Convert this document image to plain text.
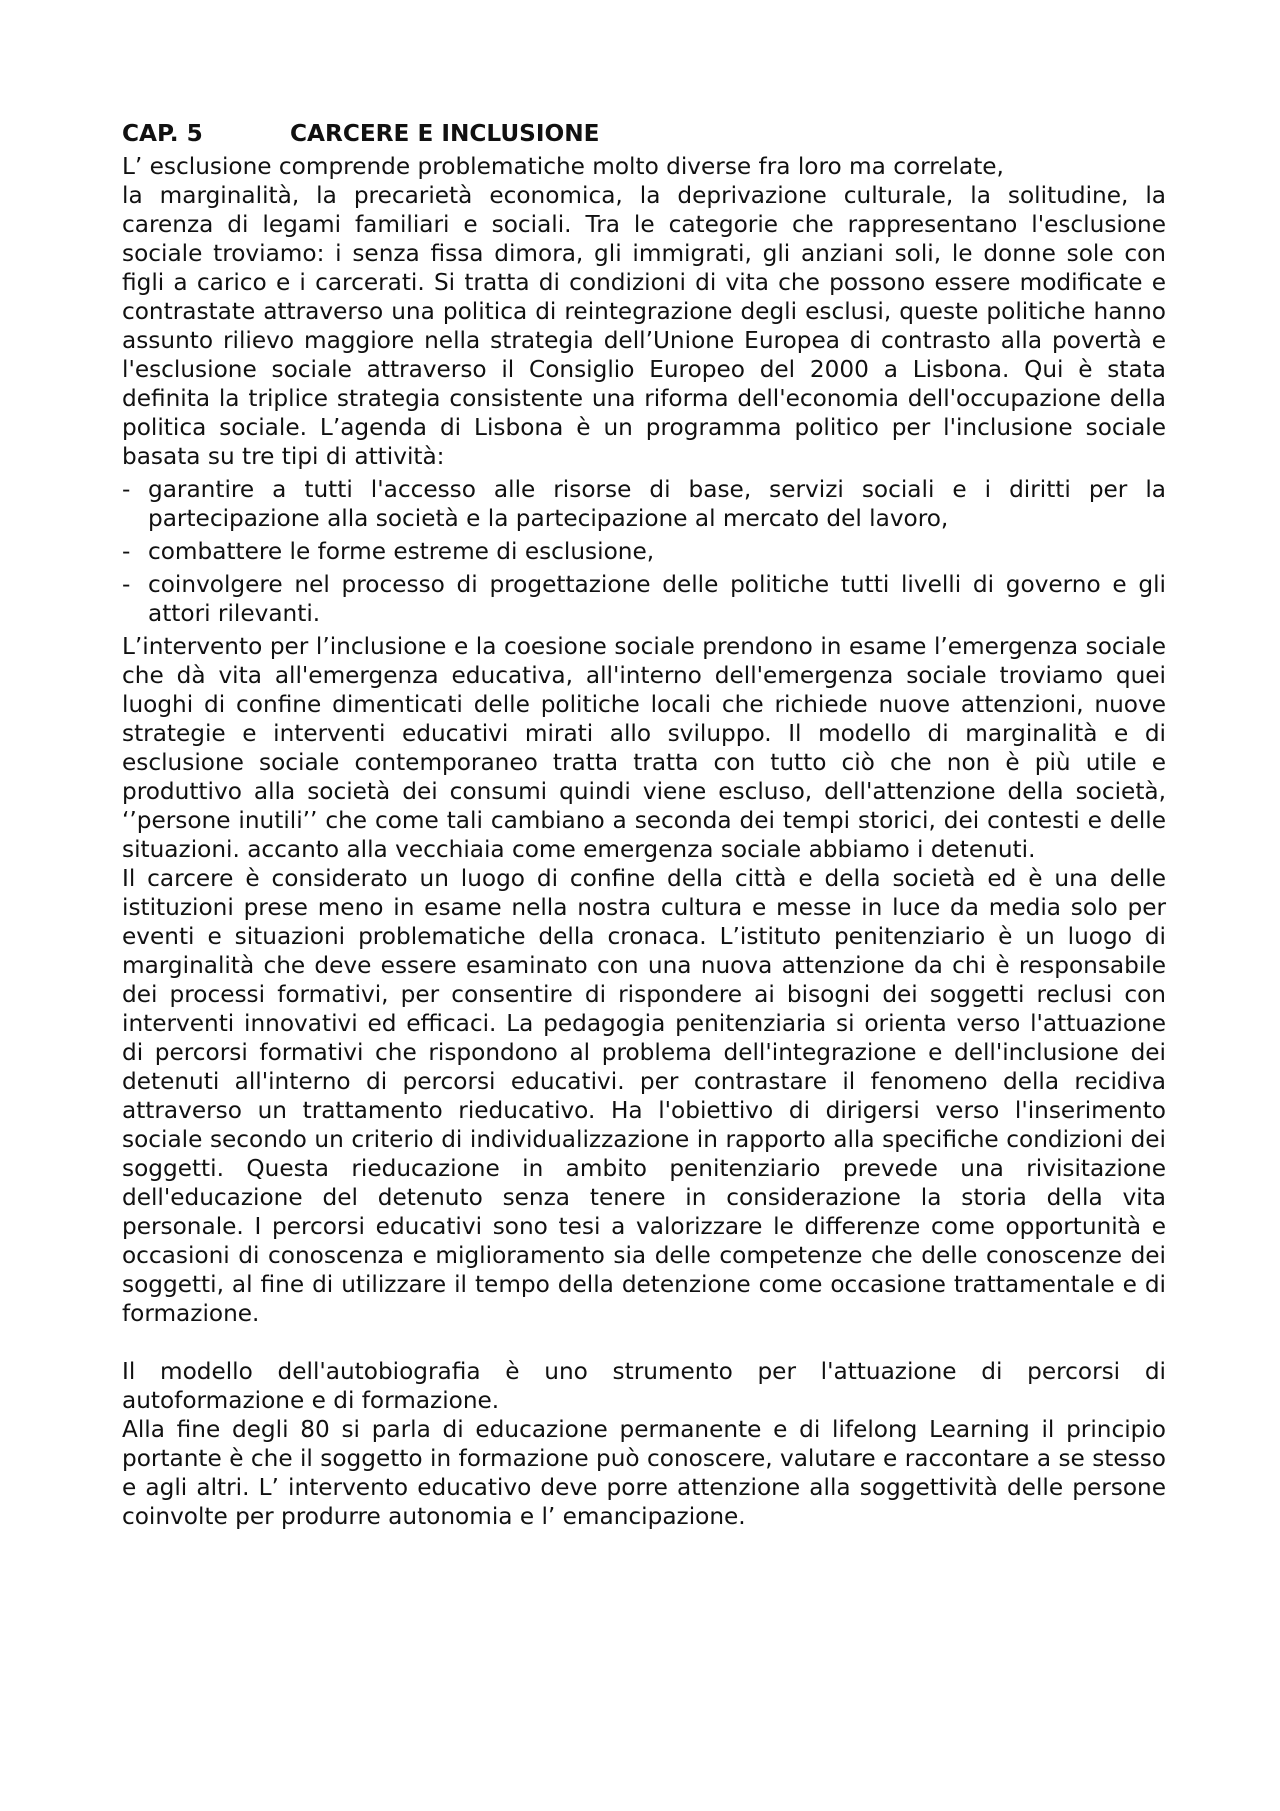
CAP. 5	CARCERE E INCLUSIONE

L’ esclusione comprende problematiche molto diverse fra loro ma correlate,
la marginalità, la precarietà economica, la deprivazione culturale, la solitudine, la carenza di legami familiari e sociali. Tra le categorie che rappresentano l'esclusione sociale troviamo: i senza fissa dimora, gli immigrati, gli anziani soli, le donne sole con figli a carico e i carcerati. Si tratta di condizioni di vita che possono essere modificate e contrastate attraverso una politica di reintegrazione degli esclusi, queste politiche hanno assunto rilievo maggiore nella strategia dell’Unione Europea di contrasto alla povertà e l'esclusione sociale attraverso il Consiglio Europeo del 2000 a Lisbona. Qui è stata definita la triplice strategia consistente una riforma dell'economia dell'occupazione della politica sociale. L’agenda di Lisbona è un programma politico per l'inclusione sociale basata su tre tipi di attività:

- garantire a tutti l'accesso alle risorse di base, servizi sociali e i diritti per la partecipazione alla società e la partecipazione al mercato del lavoro,
- combattere le forme estreme di esclusione,
- coinvolgere nel processo di progettazione delle politiche tutti livelli di governo e gli attori rilevanti.

L’intervento per l’inclusione e la coesione sociale prendono in esame l’emergenza sociale che dà vita all'emergenza educativa, all'interno dell'emergenza sociale troviamo quei luoghi di confine dimenticati delle politiche locali che richiede nuove attenzioni, nuove strategie e interventi educativi mirati allo sviluppo. Il modello di marginalità e di esclusione sociale contemporaneo tratta tratta con tutto ciò che non è più utile e produttivo alla società dei consumi quindi viene escluso, dell'attenzione della società, ‘’persone inutili’’ che come tali cambiano a seconda dei tempi storici, dei contesti e delle situazioni. accanto alla vecchiaia come emergenza sociale abbiamo i detenuti.

Il carcere è considerato un luogo di confine della città e della società ed è una delle istituzioni prese meno in esame nella nostra cultura e messe in luce da media solo per eventi e situazioni problematiche della cronaca. L’istituto penitenziario è un luogo di marginalità che deve essere esaminato con una nuova attenzione da chi è responsabile dei processi formativi, per consentire di rispondere ai bisogni dei soggetti reclusi con interventi innovativi ed efficaci. La pedagogia penitenziaria si orienta verso l'attuazione di percorsi formativi che rispondono al problema dell'integrazione e dell'inclusione dei detenuti all'interno di percorsi educativi. per contrastare il fenomeno della recidiva attraverso un trattamento rieducativo. Ha l'obiettivo di dirigersi verso l'inserimento sociale secondo un criterio di individualizzazione in rapporto alla specifiche condizioni dei soggetti. Questa rieducazione in ambito penitenziario prevede una rivisitazione dell'educazione del detenuto senza tenere in considerazione la storia della vita personale. I percorsi educativi sono tesi a valorizzare le differenze come opportunità e occasioni di conoscenza e miglioramento sia delle competenze che delle conoscenze dei soggetti, al fine di utilizzare il tempo della detenzione come occasione trattamentale e di formazione.

Il modello dell'autobiografia è uno strumento per l'attuazione di percorsi di autoformazione e di formazione.

Alla fine degli 80 si parla di educazione permanente e di lifelong Learning il principio portante è che il soggetto in formazione può conoscere, valutare e raccontare a se stesso e agli altri. L’ intervento educativo deve porre attenzione alla soggettività delle persone coinvolte per produrre autonomia e l’ emancipazione.
